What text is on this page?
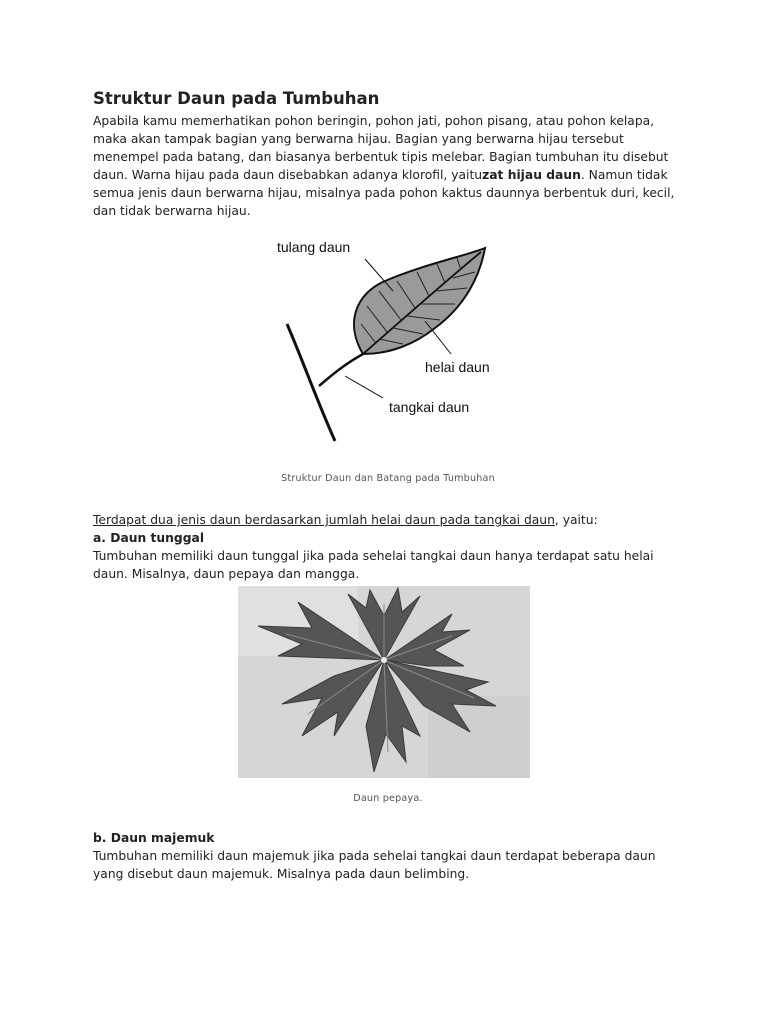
Struktur Daun pada Tumbuhan

Apabila kamu memerhatikan pohon beringin, pohon jati, pohon pisang, atau pohon kelapa, maka akan tampak bagian yang berwarna hijau. Bagian yang berwarna hijau tersebut menempel pada batang, dan biasanya berbentuk tipis melebar. Bagian tumbuhan itu disebut daun. Warna hijau pada daun disebabkan adanya klorofil, yaituzat hijau daun. Namun tidak semua jenis daun berwarna hijau, misalnya pada pohon kaktus daunnya berbentuk duri, kecil, dan tidak berwarna hijau.

tulang daun
helai daun
tangkai daun
Struktur Daun dan Batang pada Tumbuhan

Terdapat dua jenis daun berdasarkan jumlah helai daun pada tangkai daun, yaitu:

a. Daun tunggal

Tumbuhan memiliki daun tunggal jika pada sehelai tangkai daun hanya terdapat satu helai daun. Misalnya, daun pepaya dan mangga.

Daun pepaya.

b. Daun majemuk

Tumbuhan memiliki daun majemuk jika pada sehelai tangkai daun terdapat beberapa daun yang disebut daun majemuk. Misalnya pada daun belimbing.
